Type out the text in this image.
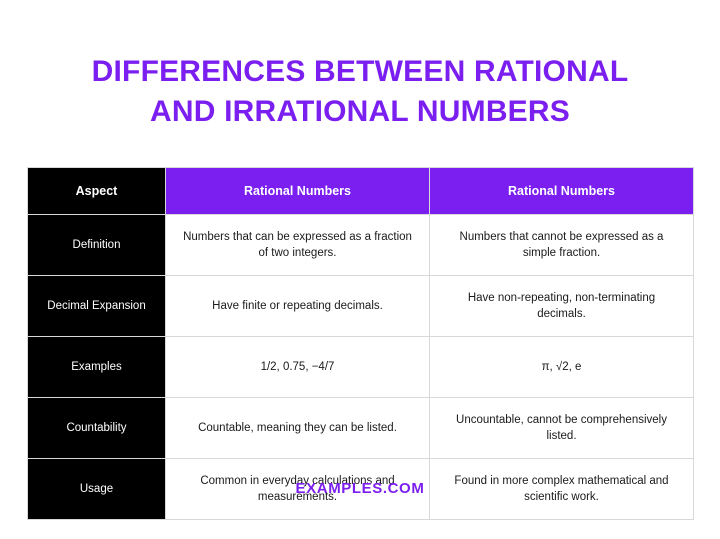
DIFFERENCES BETWEEN RATIONAL
AND IRRATIONAL NUMBERS
Aspect	Rational Numbers	Rational Numbers
Definition	Numbers that can be expressed as a fraction of two integers.	Numbers that cannot be expressed as a simple fraction.
Decimal Expansion	Have finite or repeating decimals.	Have non-repeating, non-terminating decimals.
Examples	1/2, 0.75, −4/7	π, √2, e
Countability	Countable, meaning they can be listed.	Uncountable, cannot be comprehensively listed.
Usage	Common in everyday calculations and measurements.	Found in more complex mathematical and scientific work.
EXAMPLES.COM
